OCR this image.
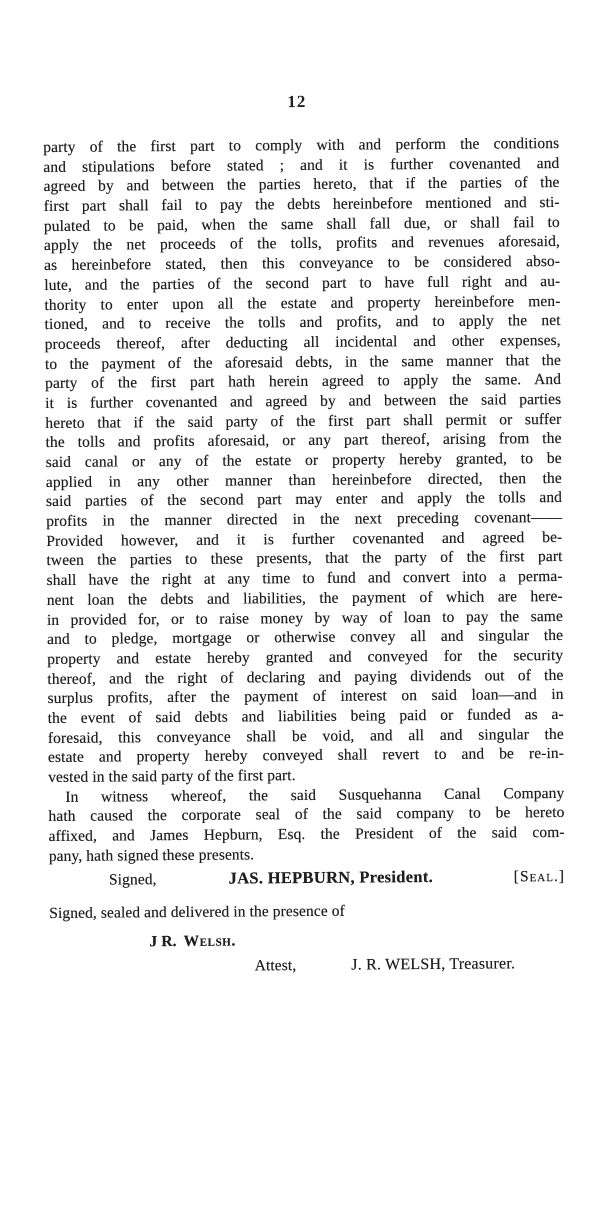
12
party of the first part to comply with and perform the conditions
and stipulations before stated ; and it is further covenanted and
agreed by and between the parties hereto, that if the parties of the
first part shall fail to pay the debts hereinbefore mentioned and sti-
pulated to be paid, when the same shall fall due, or shall fail to
apply the net proceeds of the tolls, profits and revenues aforesaid,
as hereinbefore stated, then this conveyance to be considered abso-
lute, and the parties of the second part to have full right and au-
thority to enter upon all the estate and property hereinbefore men-
tioned, and to receive the tolls and profits, and to apply the net
proceeds thereof, after deducting all incidental and other expenses,
to the payment of the aforesaid debts, in the same manner that the
party of the first part hath herein agreed to apply the same. And
it is further covenanted and agreed by and between the said parties
hereto that if the said party of the first part shall permit or suffer
the tolls and profits aforesaid, or any part thereof, arising from the
said canal or any of the estate or property hereby granted, to be
applied in any other manner than hereinbefore directed, then the
said parties of the second part may enter and apply the tolls and
profits in the manner directed in the next preceding covenant——
Provided however, and it is further covenanted and agreed be-
tween the parties to these presents, that the party of the first part
shall have the right at any time to fund and convert into a perma-
nent loan the debts and liabilities, the payment of which are here-
in provided for, or to raise money by way of loan to pay the same
and to pledge, mortgage or otherwise convey all and singular the
property and estate hereby granted and conveyed for the security
thereof, and the right of declaring and paying dividends out of the
surplus profits, after the payment of interest on said loan—and in
the event of said debts and liabilities being paid or funded as a-
foresaid, this conveyance shall be void, and all and singular the
estate and property hereby conveyed shall revert to and be re-in-
vested in the said party of the first part.
In witness whereof, the said Susquehanna Canal Company
hath caused the corporate seal of the said company to be hereto
affixed, and James Hepburn, Esq. the President of the said com-
pany, hath signed these presents.
Signed,	JAS. HEPBURN, President.	[Seal.]
Signed, sealed and delivered in the presence of
J R. Welsh.
Attest,	J. R. WELSH, Treasurer.
